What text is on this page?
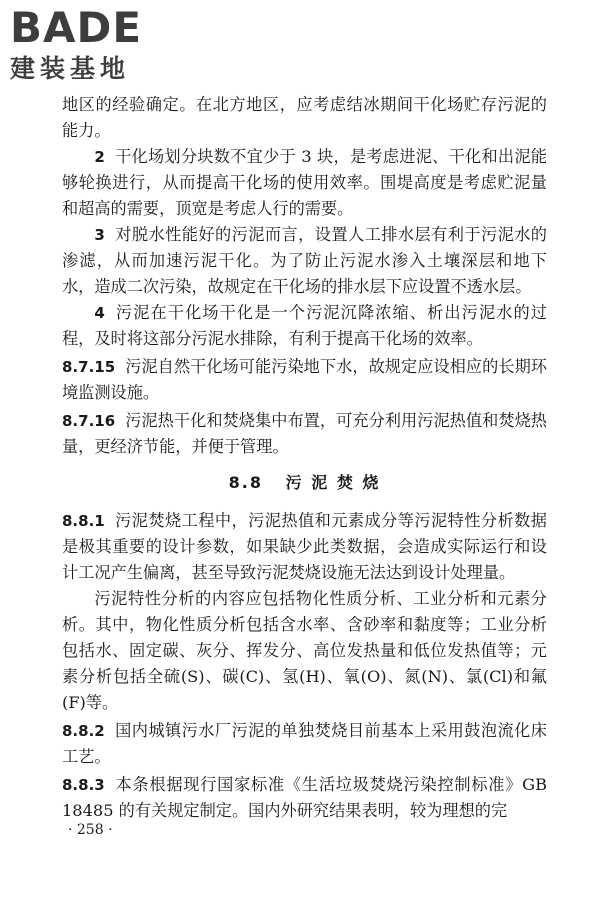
BADE
建装基地

地区的经验确定。在北方地区，应考虑结冰期间干化场贮存污泥的能力。

2 干化场划分块数不宜少于 3 块，是考虑进泥、干化和出泥能够轮换进行，从而提高干化场的使用效率。围堤高度是考虑贮泥量和超高的需要，顶宽是考虑人行的需要。

3 对脱水性能好的污泥而言，设置人工排水层有利于污泥水的渗滤，从而加速污泥干化。为了防止污泥水渗入土壤深层和地下水，造成二次污染，故规定在干化场的排水层下应设置不透水层。

4 污泥在干化场干化是一个污泥沉降浓缩、析出污泥水的过程，及时将这部分污泥水排除，有利于提高干化场的效率。

8.7.15 污泥自然干化场可能污染地下水，故规定应设相应的长期环境监测设施。

8.7.16 污泥热干化和焚烧集中布置，可充分利用污泥热值和焚烧热量，更经济节能，并便于管理。

8.8 污 泥 焚 烧

8.8.1 污泥焚烧工程中，污泥热值和元素成分等污泥特性分析数据是极其重要的设计参数，如果缺少此类数据，会造成实际运行和设计工况产生偏离，甚至导致污泥焚烧设施无法达到设计处理量。

污泥特性分析的内容应包括物化性质分析、工业分析和元素分析。其中，物化性质分析包括含水率、含砂率和黏度等；工业分析包括水、固定碳、灰分、挥发分、高位发热量和低位发热值等；元素分析包括全硫(S)、碳(C)、氢(H)、氧(O)、氮(N)、氯(Cl)和氟(F)等。

8.8.2 国内城镇污水厂污泥的单独焚烧目前基本上采用鼓泡流化床工艺。

8.8.3 本条根据现行国家标准《生活垃圾焚烧污染控制标准》GB 18485 的有关规定制定。国内外研究结果表明，较为理想的完

· 258 ·
